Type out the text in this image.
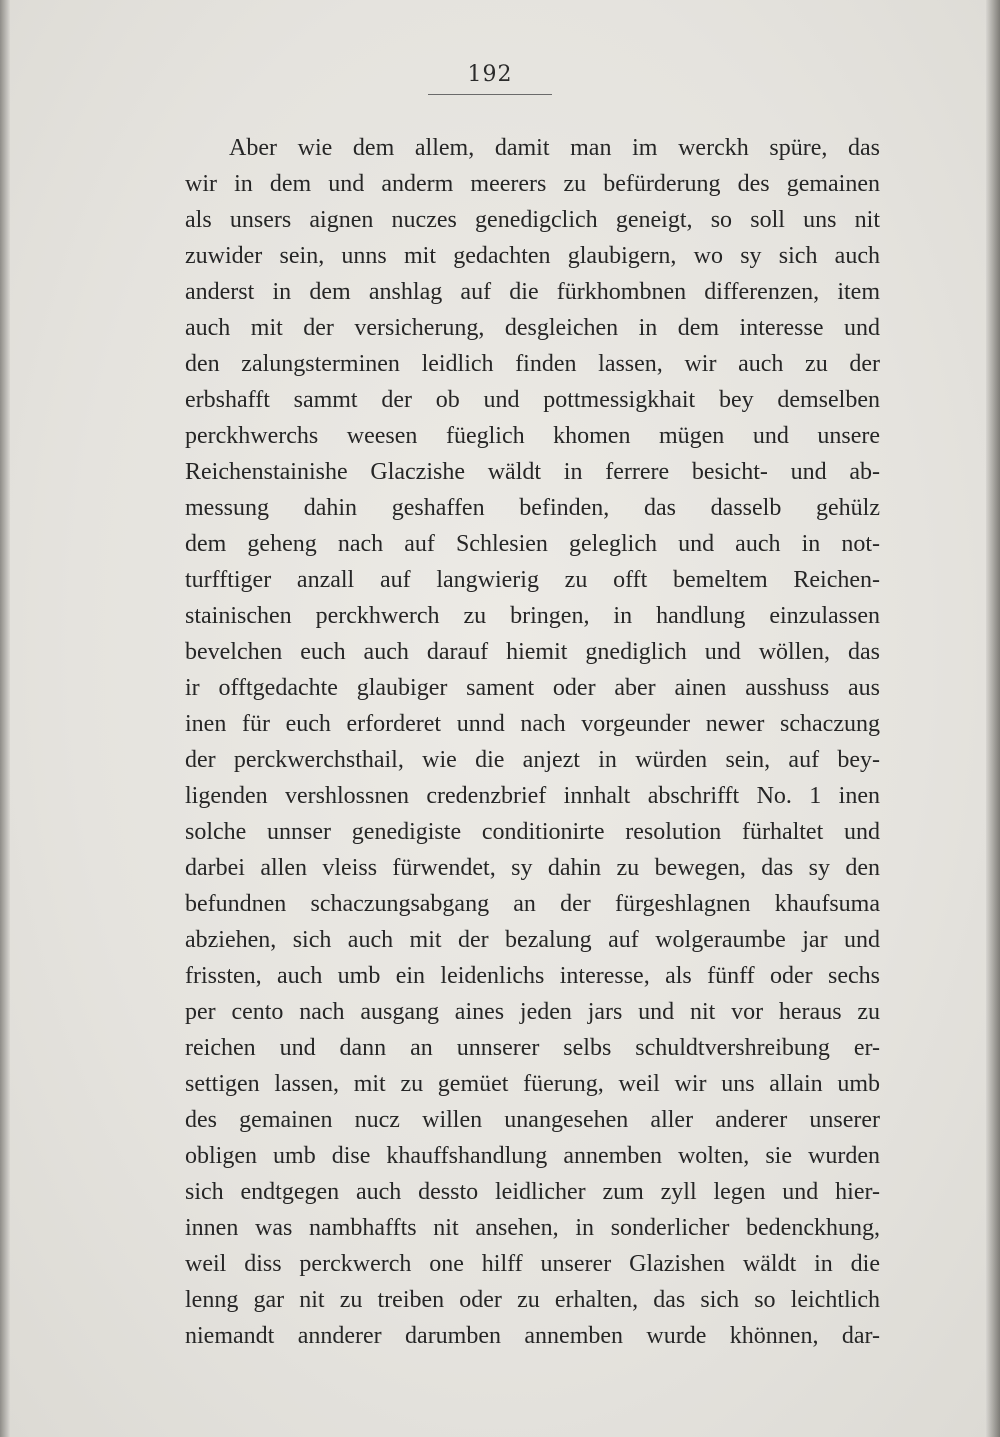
192
Aber wie dem allem, damit man im werckh spüre, das
wir in dem und anderm meerers zu befürderung des gemainen
als unsers aignen nuczes genedigclich geneigt, so soll uns nit
zuwider sein, unns mit gedachten glaubigern, wo sy sich auch
anderst in dem anshlag auf die fürkhombnen differenzen, item
auch mit der versicherung, desgleichen in dem interesse und
den zalungsterminen leidlich finden lassen, wir auch zu der
erbshafft sammt der ob und pottmessigkhait bey demselben
perckhwerchs weesen füeglich khomen mügen und unsere
Reichenstainishe Glaczishe wäldt in ferrere besicht- und ab-
messung dahin geshaffen befinden, das dasselb gehülz
dem geheng nach auf Schlesien geleglich und auch in not-
turfftiger anzall auf langwierig zu offt bemeltem Reichen-
stainischen perckhwerch zu bringen, in handlung einzulassen
bevelchen euch auch darauf hiemit gnediglich und wöllen, das
ir offtgedachte glaubiger sament oder aber ainen ausshuss aus
inen für euch erforderet unnd nach vorgeunder newer schaczung
der perckwerchsthail, wie die anjezt in würden sein, auf bey-
ligenden vershlossnen credenzbrief innhalt abschrifft No. 1 inen
solche unnser genedigiste conditionirte resolution fürhaltet und
darbei allen vleiss fürwendet, sy dahin zu bewegen, das sy den
befundnen schaczungsabgang an der fürgeshlagnen khaufsuma
abziehen, sich auch mit der bezalung auf wolgeraumbe jar und
frissten, auch umb ein leidenlichs interesse, als fünff oder sechs
per cento nach ausgang aines jeden jars und nit vor heraus zu
reichen und dann an unnserer selbs schuldtvershreibung er-
settigen lassen, mit zu gemüet füerung, weil wir uns allain umb
des gemainen nucz willen unangesehen aller anderer unserer
obligen umb dise khauffshandlung annemben wolten, sie wurden
sich endtgegen auch dessto leidlicher zum zyll legen und hier-
innen was nambhaffts nit ansehen, in sonderlicher bedenckhung,
weil diss perckwerch one hilff unserer Glazishen wäldt in die
lenng gar nit zu treiben oder zu erhalten, das sich so leichtlich
niemandt annderer darumben annemben wurde khönnen, dar-
